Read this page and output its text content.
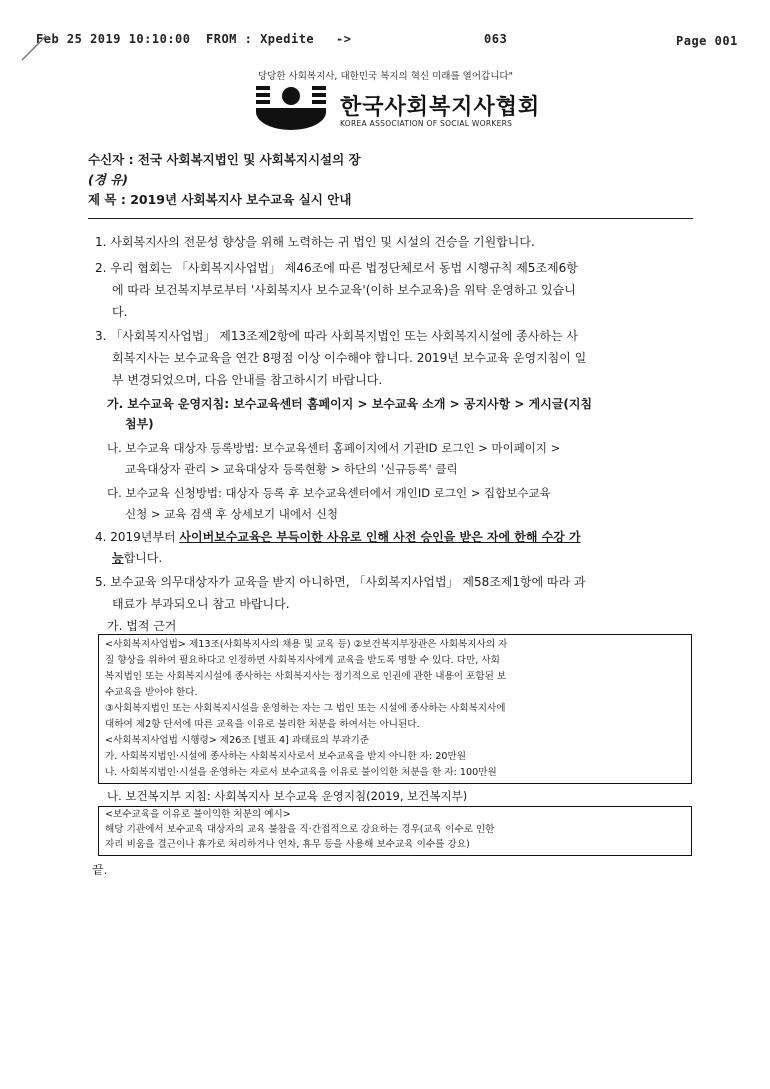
Feb 25 2019 10:10:00 FROM : Xpedite ->	063	Page 001
당당한 사회복지사, 대한민국 복지의 혁신 미래를 열어갑니다"
한국사회복지사협회
KOREA ASSOCIATION OF SOCIAL WORKERS
수신자 : 전국 사회복지법인 및 사회복지시설의 장
(경 유)
제 목 : 2019년 사회복지사 보수교육 실시 안내
1. 사회복지사의 전문성 향상을 위해 노력하는 귀 법인 및 시설의 건승을 기원합니다.
2. 우리 협회는 「사회복지사업법」 제46조에 따른 법정단체로서 동법 시행규칙 제5조제6항
에 따라 보건복지부로부터 '사회복지사 보수교육'(이하 보수교육)을 위탁 운영하고 있습니
다.
3. 「사회복지사업법」 제13조제2항에 따라 사회복지법인 또는 사회복지시설에 종사하는 사
회복지사는 보수교육을 연간 8평점 이상 이수해야 합니다. 2019년 보수교육 운영지침이 일
부 변경되었으며, 다음 안내를 참고하시기 바랍니다.
가. 보수교육 운영지침: 보수교육센터 홈페이지 > 보수교육 소개 > 공지사항 > 게시글(지침
첨부)
나. 보수교육 대상자 등록방법: 보수교육센터 홈페이지에서 기관ID 로그인 > 마이페이지 >
교육대상자 관리 > 교육대상자 등록현황 > 하단의 '신규등록' 클릭
다. 보수교육 신청방법: 대상자 등록 후 보수교육센터에서 개인ID 로그인 > 집합보수교육
신청 > 교육 검색 후 상세보기 내에서 신청
4. 2019년부터 사이버보수교육은 부득이한 사유로 인해 사전 승인을 받은 자에 한해 수강 가
능합니다.
5. 보수교육 의무대상자가 교육을 받지 아니하면, 「사회복지사업법」 제58조제1항에 따라 과
태료가 부과되오니 참고 바랍니다.
가. 법적 근거
<사회복지사업법> 제13조(사회복지사의 채용 및 교육 등) ②보건복지부장관은 사회복지사의 자
질 향상을 위하여 필요하다고 인정하면 사회복지사에게 교육을 받도록 명할 수 있다. 다만, 사회
복지법인 또는 사회복지시설에 종사하는 사회복지사는 정기적으로 인권에 관한 내용이 포함된 보
수교육을 받아야 한다.
③사회복지법인 또는 사회복지시설을 운영하는 자는 그 법인 또는 시설에 종사하는 사회복지사에
대하여 제2항 단서에 따른 교육을 이유로 불리한 처분을 하여서는 아니된다.
<사회복지사업법 시행령> 제26조 [별표 4] 과태료의 부과기준
가. 사회복지법인·시설에 종사하는 사회복지사로서 보수교육을 받지 아니한 자: 20만원
나. 사회복지법인·시설을 운영하는 자로서 보수교육을 이유로 불이익한 처분을 한 자: 100만원
나. 보건복지부 지침: 사회복지사 보수교육 운영지침(2019, 보건복지부)
<보수교육을 이유로 불이익한 처분의 예시>
해당 기관에서 보수교육 대상자의 교육 불참을 직·간접적으로 강요하는 경우(교육 이수로 인한
자리 비움을 결근이나 휴가로 처리하거나 연차, 휴무 등을 사용해 보수교육 이수를 강요)
끝.
